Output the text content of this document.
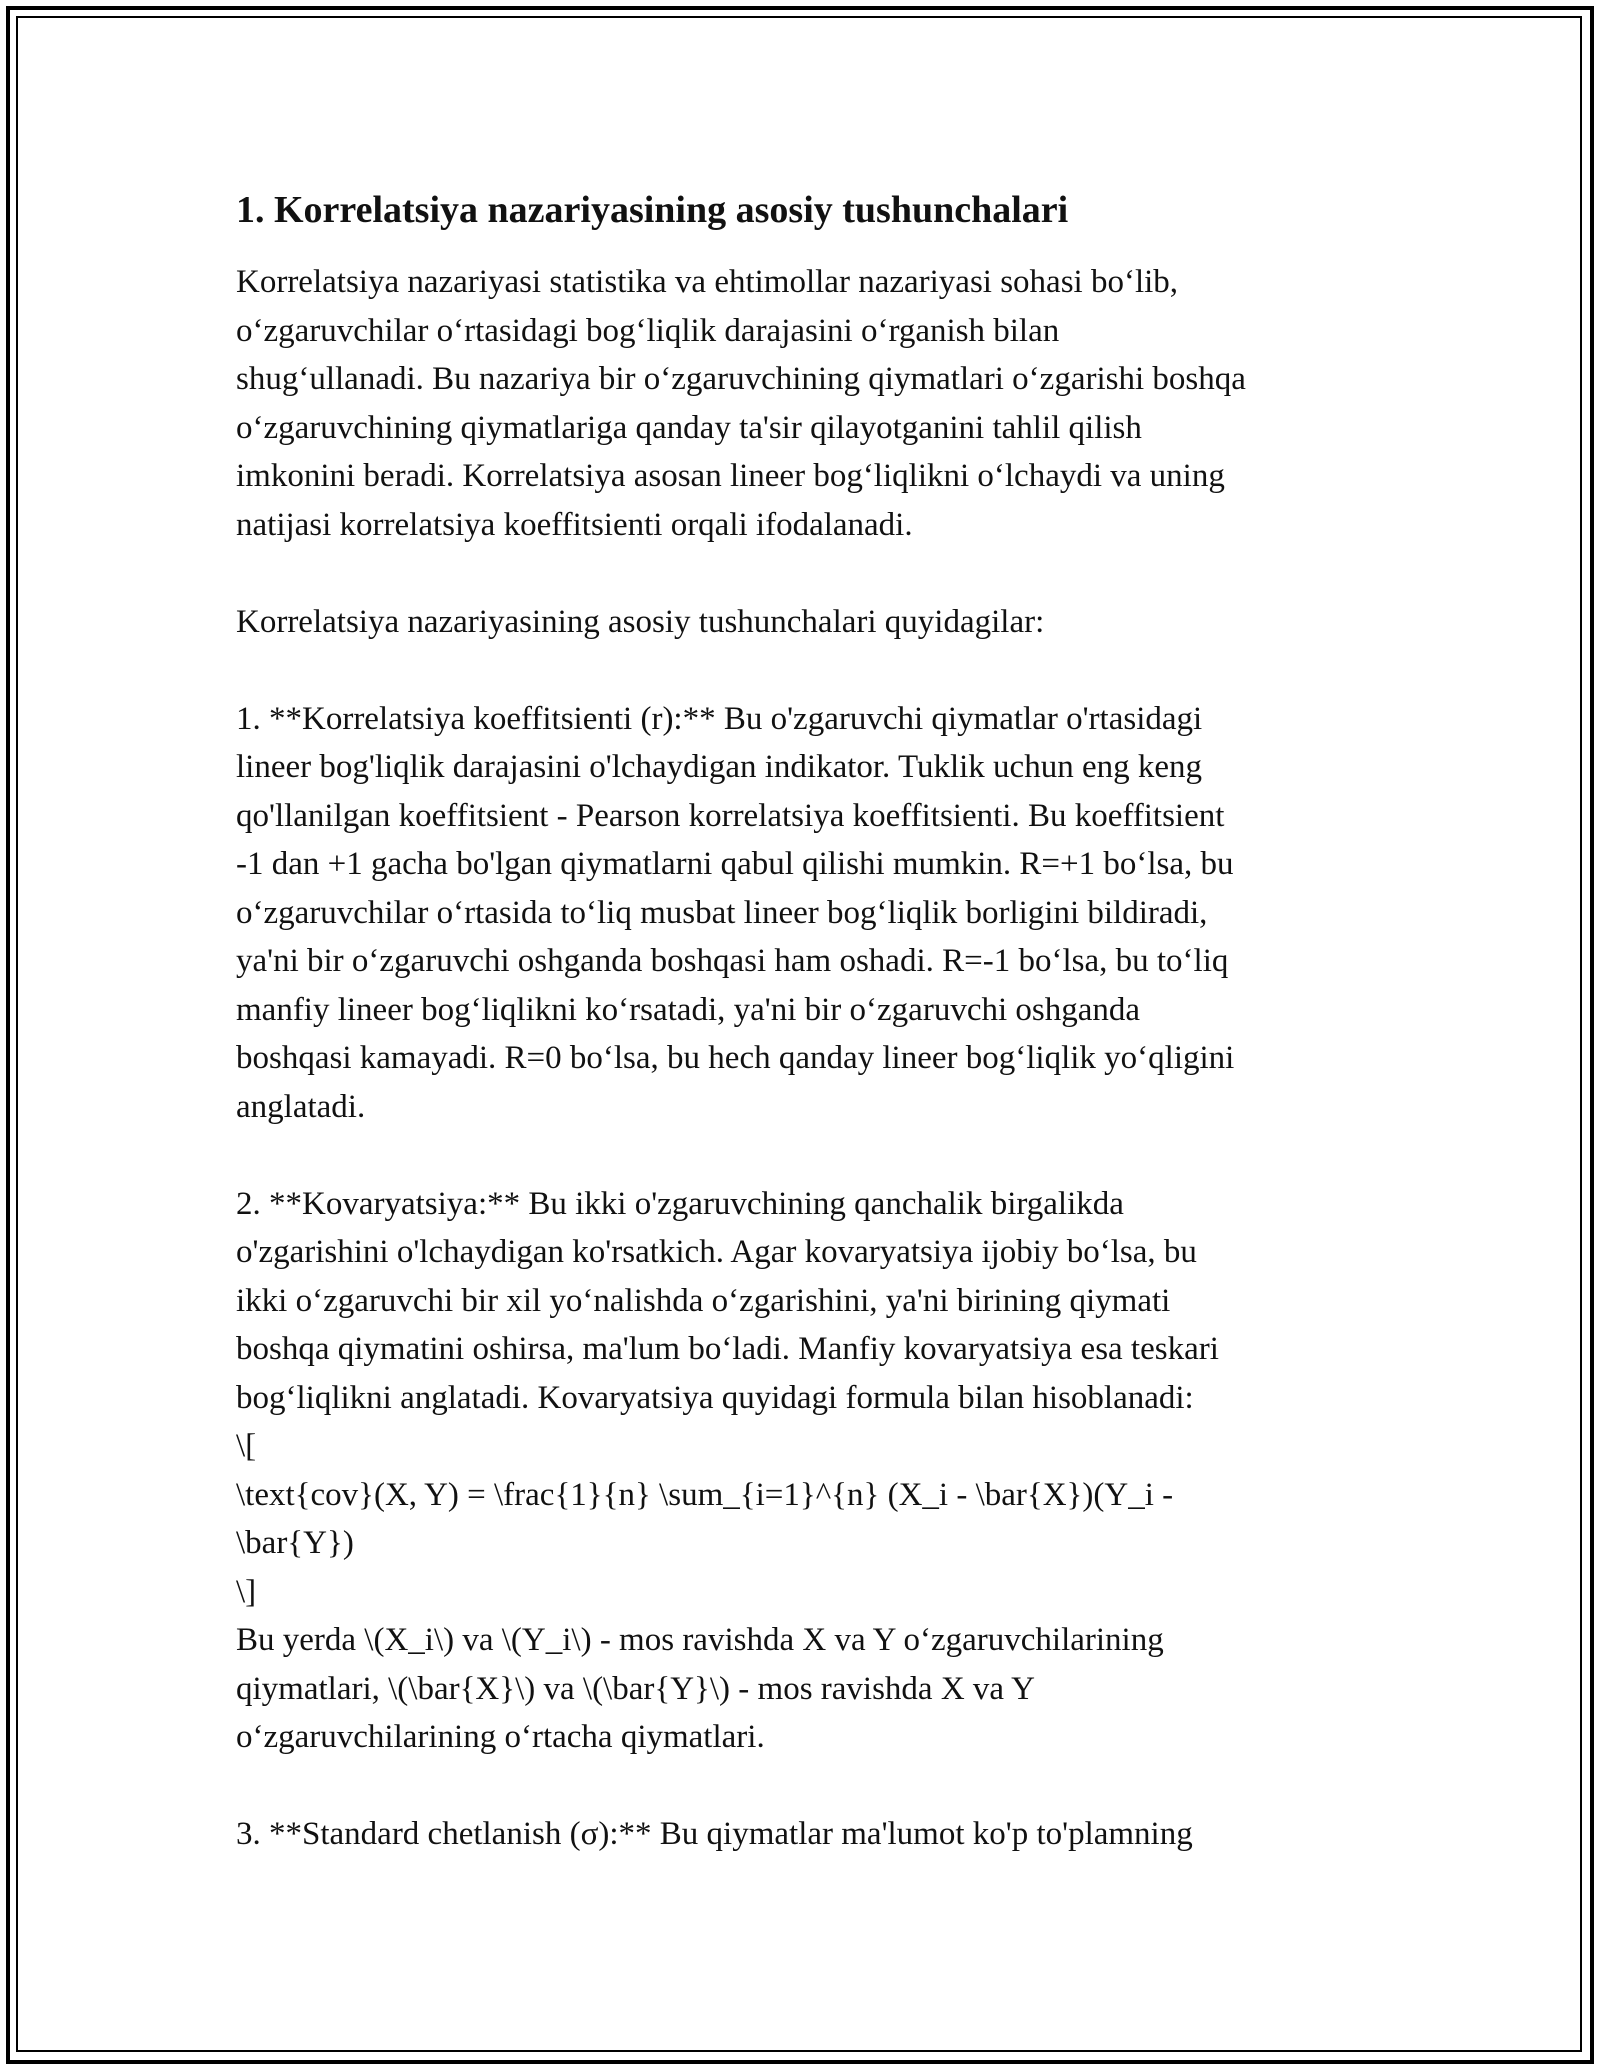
1. Korrelatsiya nazariyasining asosiy tushunchalari

Korrelatsiya nazariyasi statistika va ehtimollar nazariyasi sohasi bo‘lib,
o‘zgaruvchilar o‘rtasidagi bog‘liqlik darajasini o‘rganish bilan
shug‘ullanadi. Bu nazariya bir o‘zgaruvchining qiymatlari o‘zgarishi boshqa
o‘zgaruvchining qiymatlariga qanday ta'sir qilayotganini tahlil qilish
imkonini beradi. Korrelatsiya asosan lineer bog‘liqlikni o‘lchaydi va uning
natijasi korrelatsiya koeffitsienti orqali ifodalanadi.

Korrelatsiya nazariyasining asosiy tushunchalari quyidagilar:

1. **Korrelatsiya koeffitsienti (r):** Bu o'zgaruvchi qiymatlar o'rtasidagi
lineer bog'liqlik darajasini o'lchaydigan indikator. Tuklik uchun eng keng
qo'llanilgan koeffitsient - Pearson korrelatsiya koeffitsienti. Bu koeffitsient
-1 dan +1 gacha bo'lgan qiymatlarni qabul qilishi mumkin. R=+1 bo‘lsa, bu
o‘zgaruvchilar o‘rtasida to‘liq musbat lineer bog‘liqlik borligini bildiradi,
ya'ni bir o‘zgaruvchi oshganda boshqasi ham oshadi. R=-1 bo‘lsa, bu to‘liq
manfiy lineer bog‘liqlikni ko‘rsatadi, ya'ni bir o‘zgaruvchi oshganda
boshqasi kamayadi. R=0 bo‘lsa, bu hech qanday lineer bog‘liqlik yo‘qligini
anglatadi.

2. **Kovaryatsiya:** Bu ikki o'zgaruvchining qanchalik birgalikda
o'zgarishini o'lchaydigan ko'rsatkich. Agar kovaryatsiya ijobiy bo‘lsa, bu
ikki o‘zgaruvchi bir xil yo‘nalishda o‘zgarishini, ya'ni birining qiymati
boshqa qiymatini oshirsa, ma'lum bo‘ladi. Manfiy kovaryatsiya esa teskari
bog‘liqlikni anglatadi. Kovaryatsiya quyidagi formula bilan hisoblanadi:
\[
\text{cov}(X, Y) = \frac{1}{n} \sum_{i=1}^{n} (X_i - \bar{X})(Y_i -
\bar{Y})
\]
Bu yerda \(X_i\) va \(Y_i\) - mos ravishda X va Y o‘zgaruvchilarining
qiymatlari, \(\bar{X}\) va \(\bar{Y}\) - mos ravishda X va Y
o‘zgaruvchilarining o‘rtacha qiymatlari.

3. **Standard chetlanish (σ):** Bu qiymatlar ma'lumot ko'p to'plamning
